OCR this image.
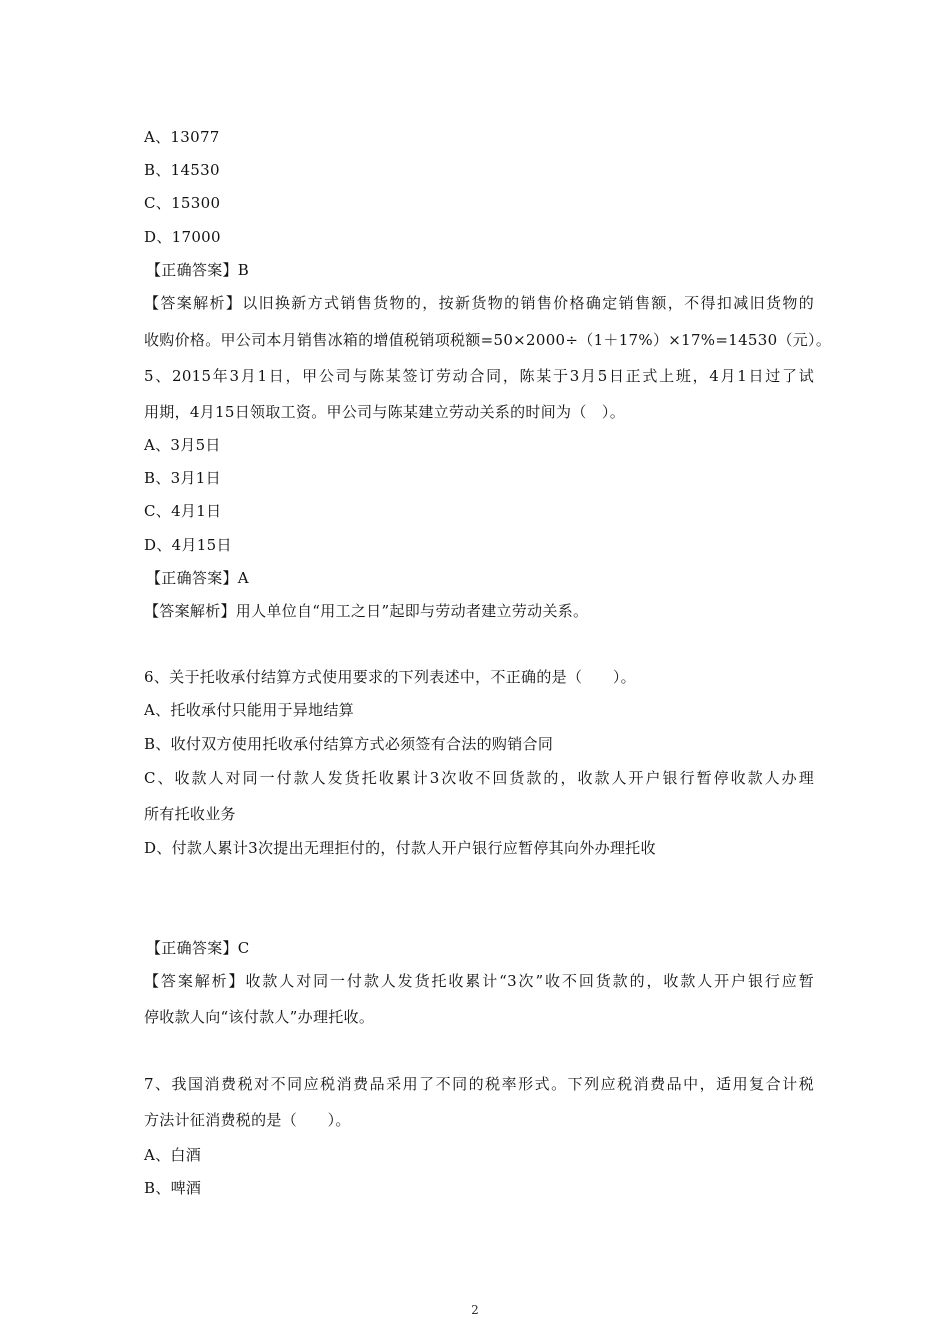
A、13077
B、14530
C、15300
D、17000
【正确答案】B
【答案解析】以旧换新方式销售货物的，按新货物的销售价格确定销售额，不得扣减旧货物的
收购价格。甲公司本月销售冰箱的增值税销项税额=50×2000÷（1＋17%）×17%=14530（元）。
5、2015年3月1日，甲公司与陈某签订劳动合同，陈某于3月5日正式上班，4月1日过了试
用期，4月15日领取工资。甲公司与陈某建立劳动关系的时间为（　）。
A、3月5日
B、3月1日
C、4月1日
D、4月15日
【正确答案】A
【答案解析】用人单位自“用工之日”起即与劳动者建立劳动关系。
6、关于托收承付结算方式使用要求的下列表述中，不正确的是（　　）。
A、托收承付只能用于异地结算
B、收付双方使用托收承付结算方式必须签有合法的购销合同
C、收款人对同一付款人发货托收累计3次收不回货款的，收款人开户银行暂停收款人办理
所有托收业务
D、付款人累计3次提出无理拒付的，付款人开户银行应暂停其向外办理托收
【正确答案】C
【答案解析】收款人对同一付款人发货托收累计“3次”收不回货款的，收款人开户银行应暂
停收款人向“该付款人”办理托收。
7、我国消费税对不同应税消费品采用了不同的税率形式。下列应税消费品中，适用复合计税
方法计征消费税的是（　　）。
A、白酒
B、啤酒
2
